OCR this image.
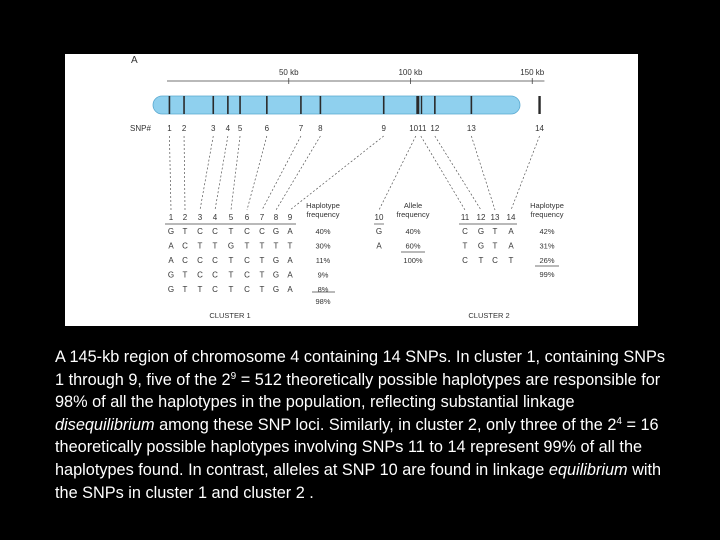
A
50 kb	100 kb	150 kb
SNP# 1 2	3 4 5	6	7 8	9	1011 12	13	14
1 2 3 4 5 6 7 8 9
Haplotype
frequency
G T C C T C C G A	40%
A C T T G T T T T	30%
A C C C T C T G A	11%
G T C C T C T G A	9%
G T T C T C T G A	8%
98%
CLUSTER 1
10
Allele
frequency
G	40%
A	60%
100%
11 12 13 14
Haplotype
frequency
C G T A	42%
T G T A	31%
C T C T	26%
99%
CLUSTER 2
A 145-kb region of chromosome 4 containing 14 SNPs. In cluster 1, containing SNPs 1 through 9, five of the $2^9 = 512$ theoretically possible haplotypes are responsible for 98% of all the haplotypes in the population, reflecting substantial linkage disequilibrium among these SNP loci. Similarly, in cluster 2, only three of the $2^4 = 16$ theoretically possible haplotypes involving SNPs 11 to 14 represent 99% of all the haplotypes found. In contrast, alleles at SNP 10 are found in linkage equilibrium with the SNPs in cluster 1 and cluster 2 .
